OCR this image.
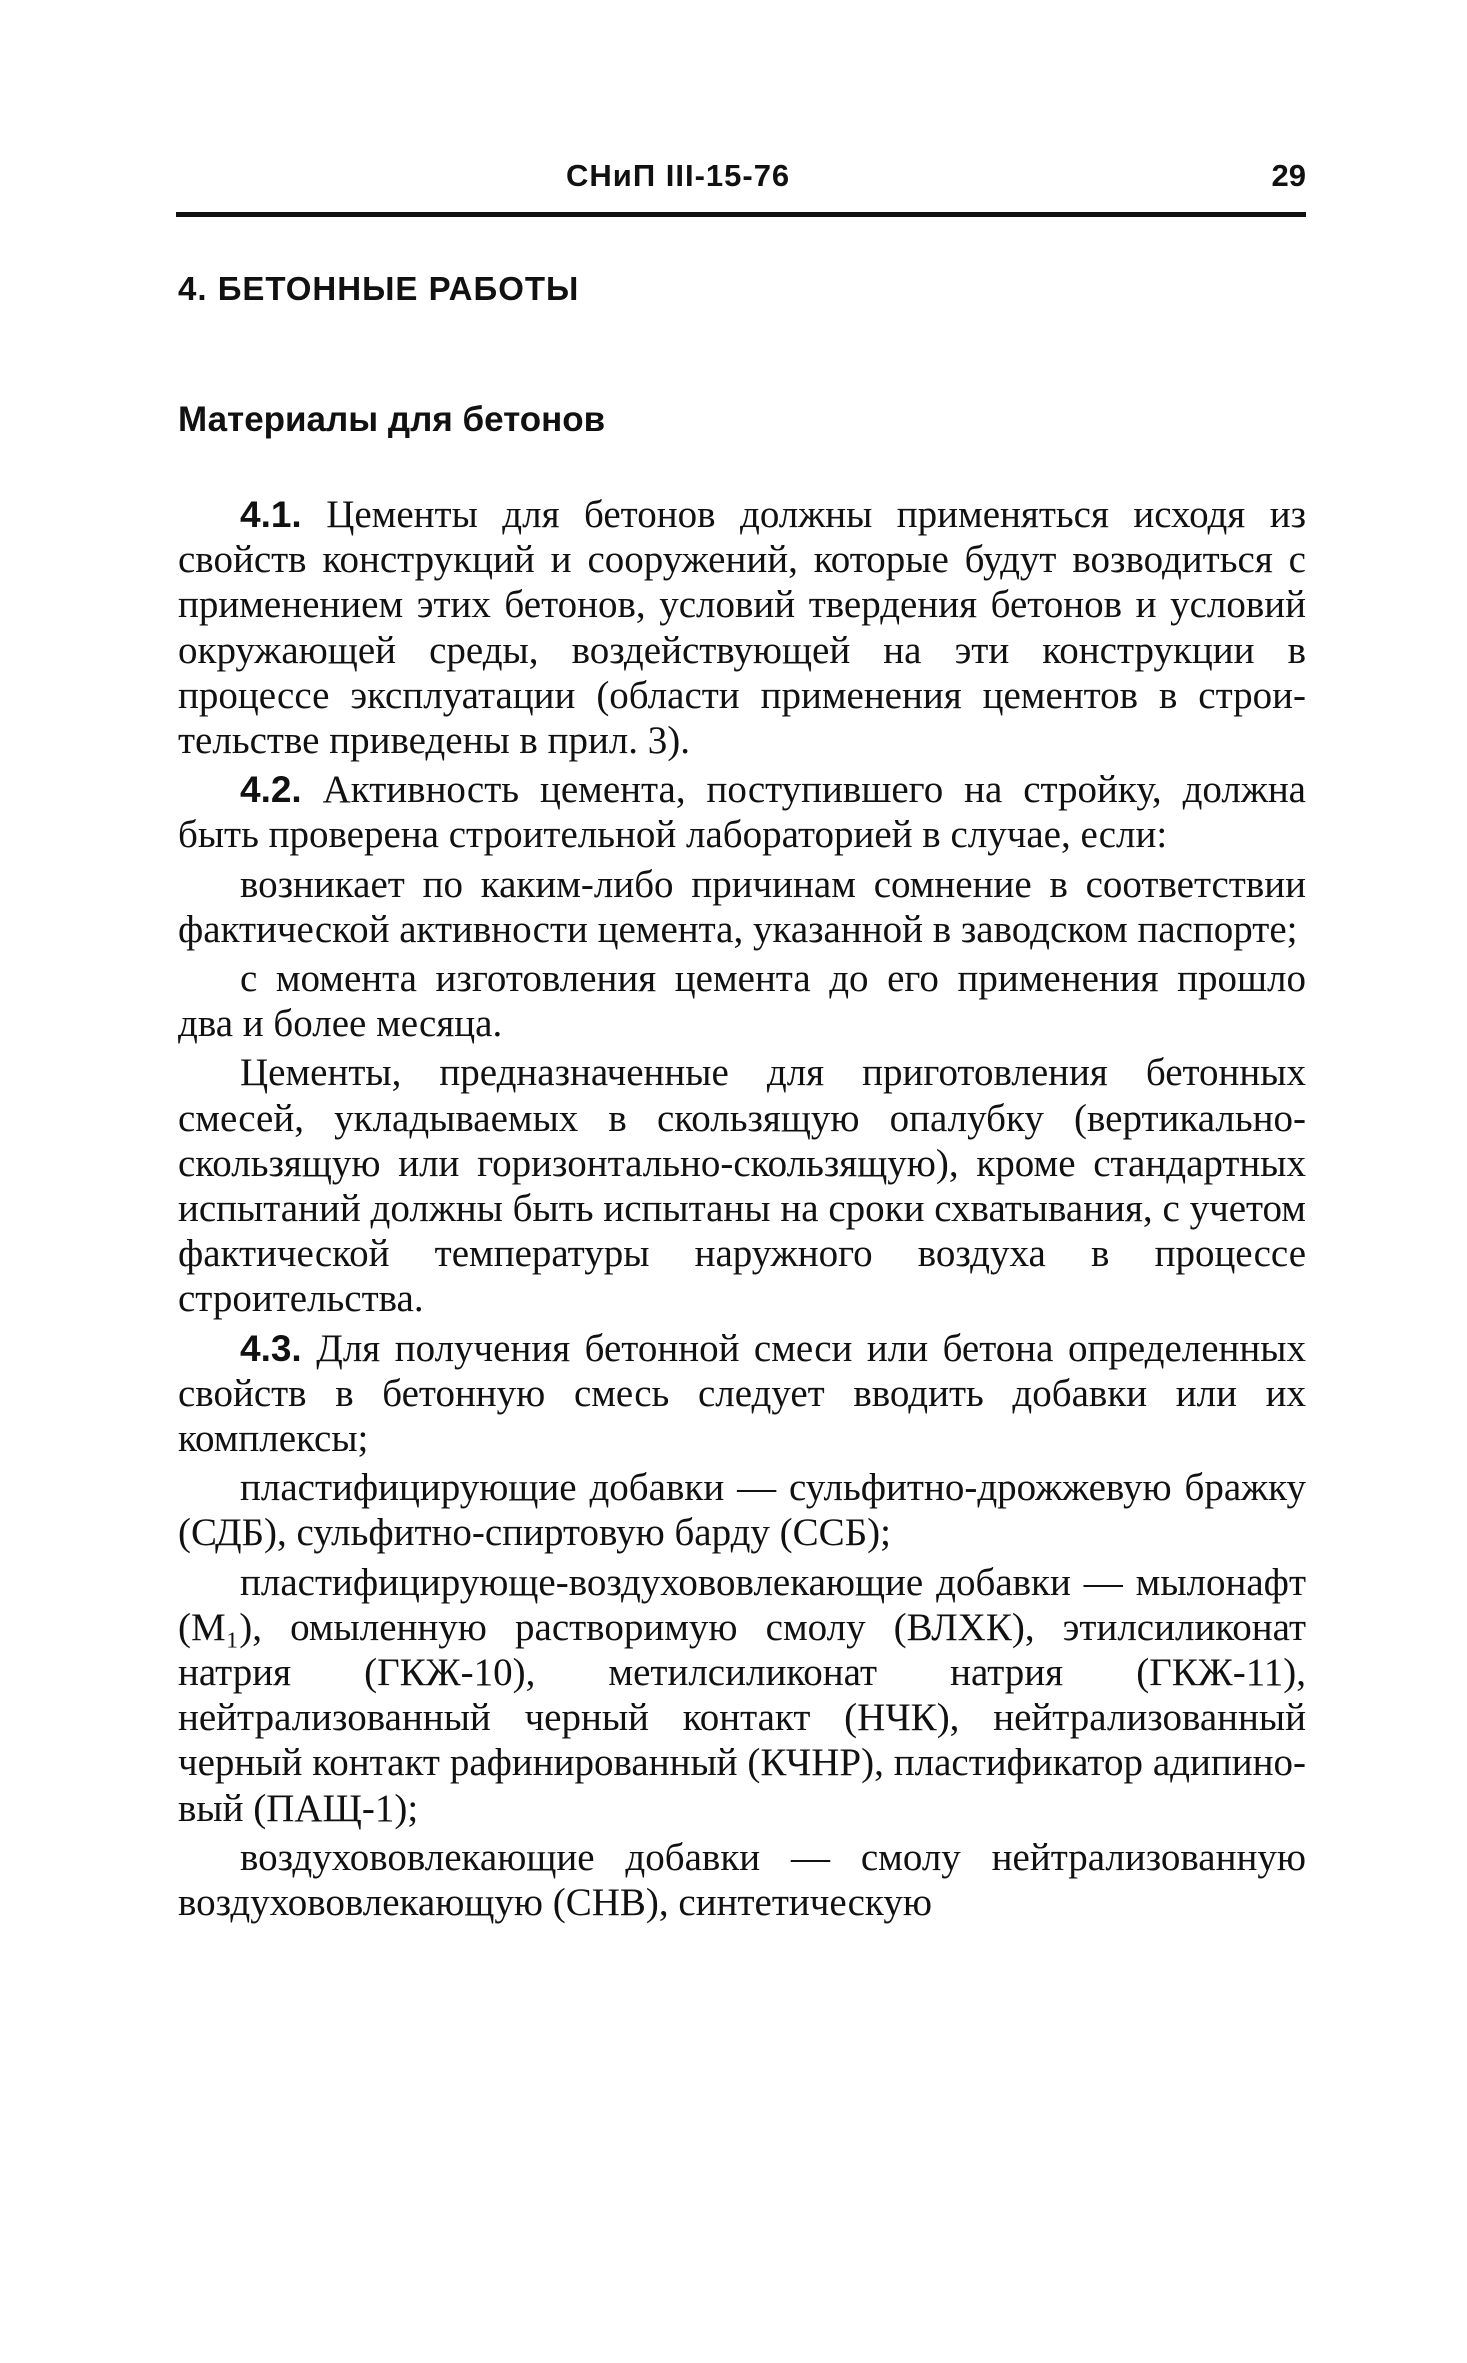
СНиП III-15-76	29
4. БЕТОННЫЕ РАБОТЫ
Материалы для бетонов

4.1. Цементы для бетонов должны применяться исходя из свойств конструкций и сооружений, которые будут возводиться с применением этих бетонов, условий твердения бетонов и условий окружающей среды, воздействующей на эти конструкции в процессе эксплуатации (области применения цементов в строительстве приведены в прил. 3).

4.2. Активность цемента, поступившего на стройку, должна быть проверена строительной лабораторией в случае, если:

возникает по каким-либо причинам сомнение в соответствии фактической активности цемента, указанной в заводском паспорте;

с момента изготовления цемента до его применения прошло два и более месяца.

Цементы, предназначенные для приготовления бетонных смесей, укладываемых в скользящую опалубку (вертикально-скользящую или горизонтально-скользящую), кроме стандартных испытаний должны быть испытаны на сроки схватывания, с учетом фактической температуры наружного воздуха в процессе строительства.

4.3. Для получения бетонной смеси или бетона определенных свойств в бетонную смесь следует вводить добавки или их комплексы;

пластифицирующие добавки — сульфитно-дрожжевую бражку (СДБ), сульфитно-спиртовую барду (ССБ);

пластифицирующе-воздухововлекающие добавки — мылонафт (М₁), омыленную растворимую смолу (ВЛХК), этилсиликонат натрия (ГКЖ-10), метилсиликонат натрия (ГКЖ-11), нейтрализованный черный контакт (НЧК), нейтрализованный черный контакт рафинированный (КЧНР), пластификатор адипиновый (ПАЩ-1);

воздухововлекающие добавки — смолу нейтрализованную воздухововлекающую (СНВ), синтетическую
